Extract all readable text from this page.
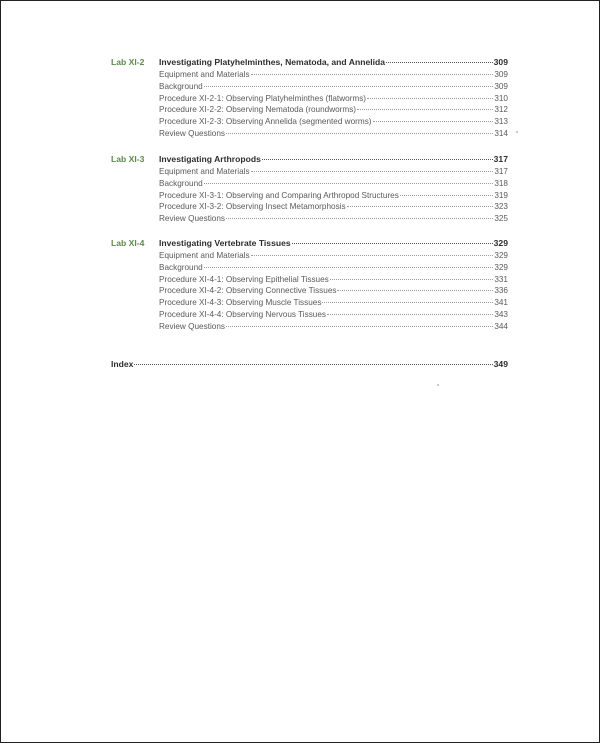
Lab XI-2 Investigating Platyhelminthes, Nematoda, and Annelida	309
Equipment and Materials	309
Background	309
Procedure XI-2-1: Observing Platyhelminthes (flatworms)	310
Procedure XI-2-2: Observing Nematoda (roundworms)	312
Procedure XI-2-3: Observing Annelida (segmented worms)	313
Review Questions	314
Lab XI-3 Investigating Arthropods	317
Equipment and Materials	317
Background	318
Procedure XI-3-1: Observing and Comparing Arthropod Structures	319
Procedure XI-3-2: Observing Insect Metamorphosis	323
Review Questions	325
Lab XI-4 Investigating Vertebrate Tissues	329
Equipment and Materials	329
Background	329
Procedure XI-4-1: Observing Epithelial Tissues	331
Procedure XI-4-2: Observing Connective Tissues	336
Procedure XI-4-3: Observing Muscle Tissues	341
Procedure XI-4-4: Observing Nervous Tissues	343
Review Questions	344
Index	349
